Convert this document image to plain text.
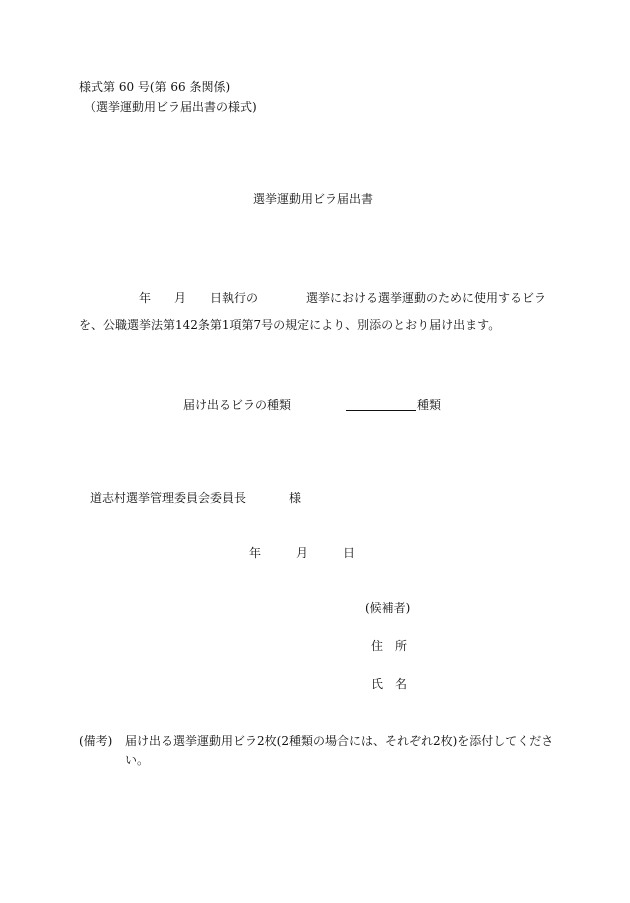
様式第 60 号(第 66 条関係)
（選挙運動用ビラ届出書の様式)
選挙運動用ビラ届出書
年 月 日執行の	選挙における選挙運動のために使用するビラ
を、公職選挙法第142条第1項第7号の規定により、別添のとおり届け出ます。
届け出るビラの種類	種類
道志村選挙管理委員会委員長	様
年	月	日
(候補者)
住　所
氏　名
(備考) 届け出る選挙運動用ビラ2枚(2種類の場合には、それぞれ2枚)を添付してくださ
い。
